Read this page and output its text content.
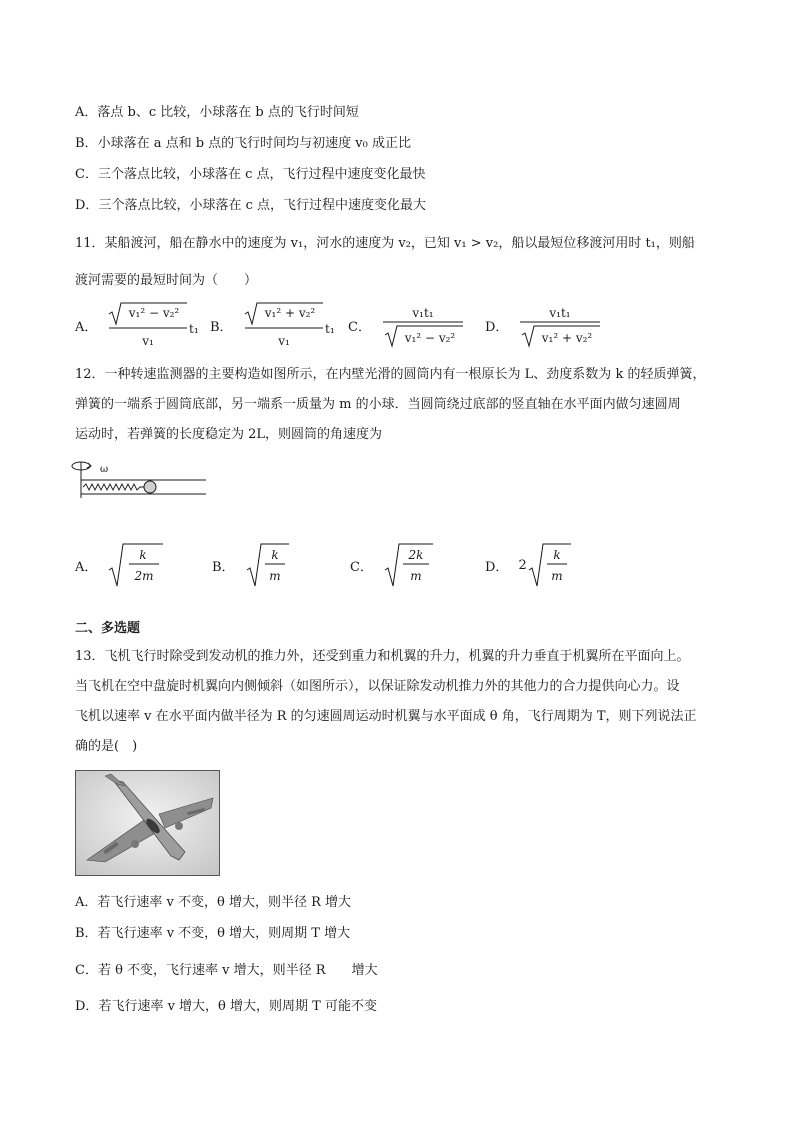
A．落点 b、c 比较，小球落在 b 点的飞行时间短
B．小球落在 a 点和 b 点的飞行时间均与初速度 v₀ 成正比
C．三个落点比较，小球落在 c 点，飞行过程中速度变化最快
D．三个落点比较，小球落在 c 点，飞行过程中速度变化最大
11．某船渡河，船在静水中的速度为 v₁，河水的速度为 v₂，已知 v₁ > v₂，船以最短位移渡河用时 t₁，则船
渡河需要的最短时间为（　　）
A．
v₁² − v₂²
v₁
t₁ B．
v₁² + v₂²
v₁
t₁ C．
v₁t₁
v₁² − v₂²
D．
v₁t₁
v₁² + v₂²
12．一种转速监测器的主要构造如图所示，在内壁光滑的圆筒内有一根原长为 L、劲度系数为 k 的轻质弹簧，
弹簧的一端系于圆筒底部，另一端系一质量为 m 的小球．当圆筒绕过底部的竖直轴在水平面内做匀速圆周
运动时，若弹簧的长度稳定为 2L，则圆筒的角速度为
ω
A．
k
2m
B．
k
m
C．
2k
m
D． 2
k
m
二、多选题
13．飞机飞行时除受到发动机的推力外，还受到重力和机翼的升力，机翼的升力垂直于机翼所在平面向上。
当飞机在空中盘旋时机翼向内侧倾斜（如图所示），以保证除发动机推力外的其他力的合力提供向心力。设
飞机以速率 v 在水平面内做半径为 R 的匀速圆周运动时机翼与水平面成 θ 角，飞行周期为 T，则下列说法正
确的是(　)
A．若飞行速率 v 不变，θ 增大，则半径 R 增大
B．若飞行速率 v 不变，θ 增大，则周期 T 增大
C．若 θ 不变，飞行速率 v 增大，则半径 R　　增大
D．若飞行速率 v 增大，θ 增大，则周期 T 可能不变
